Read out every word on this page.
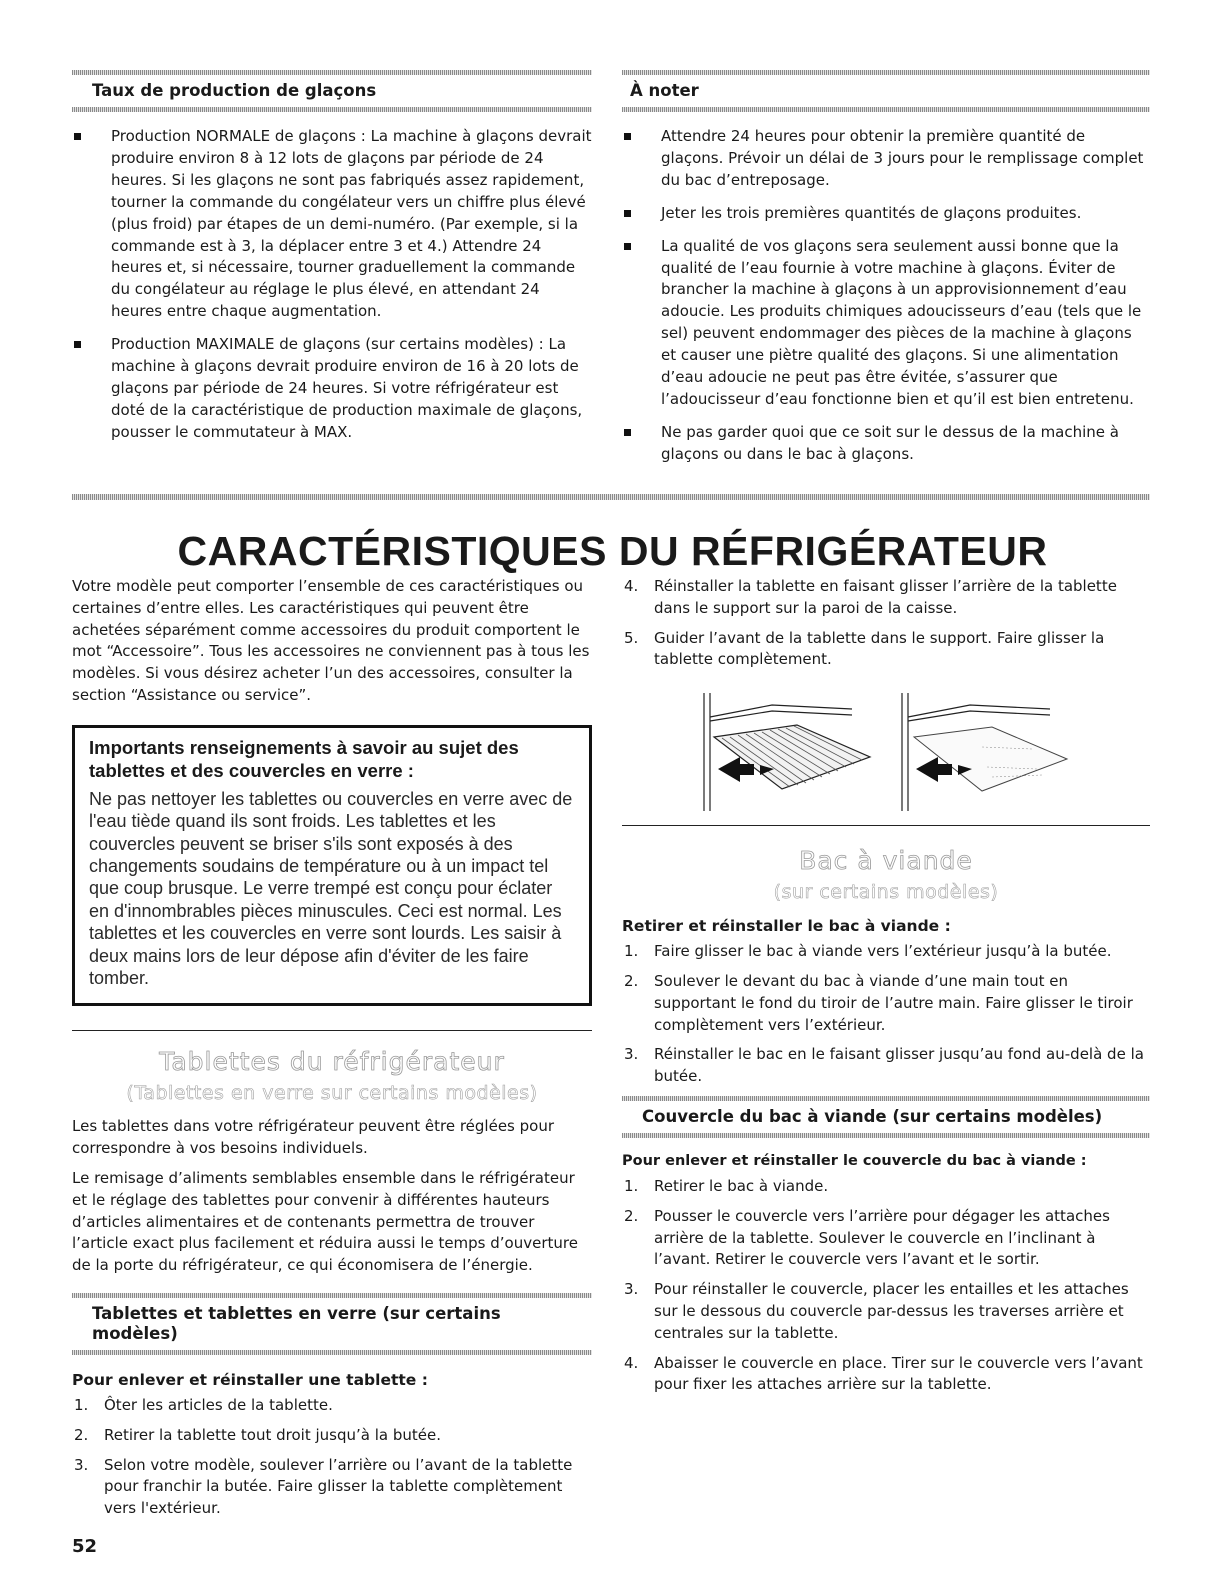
Taux de production de glaçons
Production NORMALE de glaçons : La machine à glaçons devrait produire environ 8 à 12 lots de glaçons par période de 24 heures. Si les glaçons ne sont pas fabriqués assez rapidement, tourner la commande du congélateur vers un chiffre plus élevé (plus froid) par étapes de un demi-numéro. (Par exemple, si la commande est à 3, la déplacer entre 3 et 4.) Attendre 24 heures et, si nécessaire, tourner graduellement la commande du congélateur au réglage le plus élevé, en attendant 24 heures entre chaque augmentation.
Production MAXIMALE de glaçons (sur certains modèles) : La machine à glaçons devrait produire environ de 16 à 20 lots de glaçons par période de 24 heures. Si votre réfrigérateur est doté de la caractéristique de production maximale de glaçons, pousser le commutateur à MAX.
À noter
Attendre 24 heures pour obtenir la première quantité de glaçons. Prévoir un délai de 3 jours pour le remplissage complet du bac d’entreposage.
Jeter les trois premières quantités de glaçons produites.
La qualité de vos glaçons sera seulement aussi bonne que la qualité de l’eau fournie à votre machine à glaçons. Éviter de brancher la machine à glaçons à un approvisionnement d’eau adoucie. Les produits chimiques adoucisseurs d’eau (tels que le sel) peuvent endommager des pièces de la machine à glaçons et causer une piètre qualité des glaçons. Si une alimentation d’eau adoucie ne peut pas être évitée, s’assurer que l’adoucisseur d’eau fonctionne bien et qu’il est bien entretenu.
Ne pas garder quoi que ce soit sur le dessus de la machine à glaçons ou dans le bac à glaçons.
CARACTÉRISTIQUES DU RÉFRIGÉRATEUR

Votre modèle peut comporter l’ensemble de ces caractéristiques ou certaines d’entre elles. Les caractéristiques qui peuvent être achetées séparément comme accessoires du produit comportent le mot “Accessoire”. Tous les accessoires ne conviennent pas à tous les modèles. Si vous désirez acheter l’un des accessoires, consulter la section “Assistance ou service”.

Importants renseignements à savoir au sujet des tablettes et des couvercles en verre :

Ne pas nettoyer les tablettes ou couvercles en verre avec de l'eau tiède quand ils sont froids. Les tablettes et les couvercles peuvent se briser s'ils sont exposés à des changements soudains de température ou à un impact tel que coup brusque. Le verre trempé est conçu pour éclater en d'innombrables pièces minuscules. Ceci est normal. Les tablettes et les couvercles en verre sont lourds. Les saisir à deux mains lors de leur dépose afin d'éviter de les faire tomber.

Tablettes du réfrigérateur

(Tablettes en verre sur certains modèles)

Les tablettes dans votre réfrigérateur peuvent être réglées pour correspondre à vos besoins individuels.

Le remisage d’aliments semblables ensemble dans le réfrigérateur et le réglage des tablettes pour convenir à différentes hauteurs d’articles alimentaires et de contenants permettra de trouver l’article exact plus facilement et réduira aussi le temps d’ouverture de la porte du réfrigérateur, ce qui économisera de l’énergie.

Tablettes et tablettes en verre (sur certains modèles)

Pour enlever et réinstaller une tablette :

1. Ôter les articles de la tablette.
2. Retirer la tablette tout droit jusqu’à la butée.
3. Selon votre modèle, soulever l’arrière ou l’avant de la tablette pour franchir la butée. Faire glisser la tablette complètement vers l'extérieur.
4. Réinstaller la tablette en faisant glisser l’arrière de la tablette dans le support sur la paroi de la caisse.
5. Guider l’avant de la tablette dans le support. Faire glisser la tablette complètement.

Bac à viande

(sur certains modèles)

Retirer et réinstaller le bac à viande :

1. Faire glisser le bac à viande vers l’extérieur jusqu’à la butée.
2. Soulever le devant du bac à viande d’une main tout en supportant le fond du tiroir de l’autre main. Faire glisser le tiroir complètement vers l’extérieur.
3. Réinstaller le bac en le faisant glisser jusqu’au fond au-delà de la butée.
Couvercle du bac à viande (sur certains modèles)

Pour enlever et réinstaller le couvercle du bac à viande :

1. Retirer le bac à viande.
2. Pousser le couvercle vers l’arrière pour dégager les attaches arrière de la tablette. Soulever le couvercle en l’inclinant à l’avant. Retirer le couvercle vers l’avant et le sortir.
3. Pour réinstaller le couvercle, placer les entailles et les attaches sur le dessous du couvercle par-dessus les traverses arrière et centrales sur la tablette.
4. Abaisser le couvercle en place. Tirer sur le couvercle vers l’avant pour fixer les attaches arrière sur la tablette.
52
